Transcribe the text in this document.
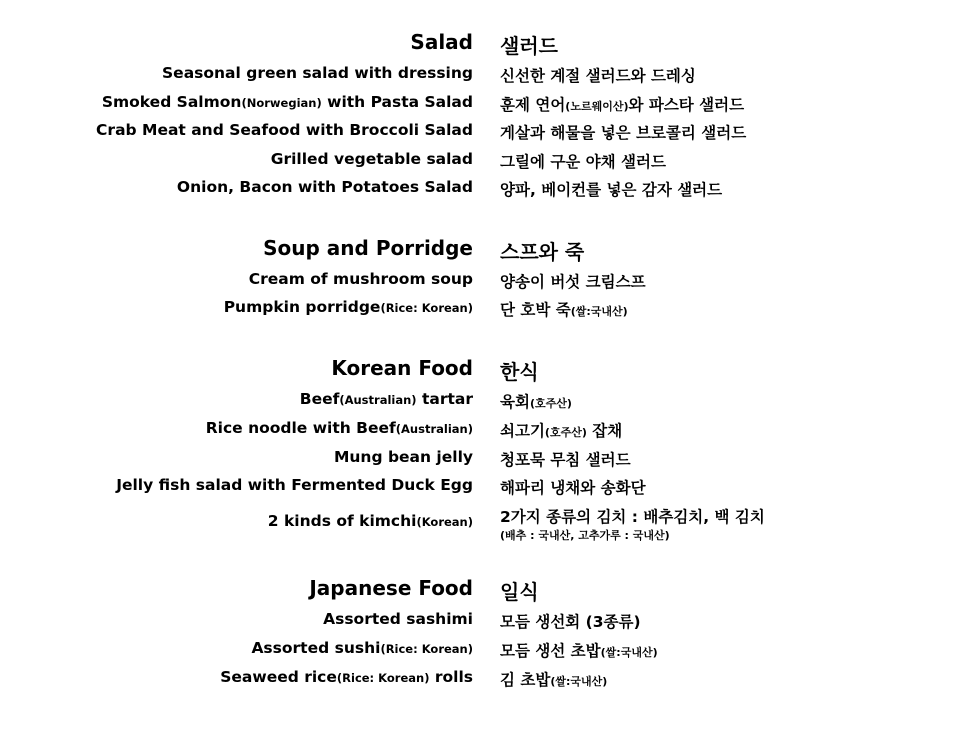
Salad 샐러드
Seasonal green salad with dressing 신선한 계절 샐러드와 드레싱
Smoked Salmon(Norwegian) with Pasta Salad 훈제 연어(노르웨이산)와 파스타 샐러드
Crab Meat and Seafood with Broccoli Salad 게살과 해물을 넣은 브로콜리 샐러드
Grilled vegetable salad 그릴에 구운 야채 샐러드
Onion, Bacon with Potatoes Salad 양파, 베이컨를 넣은 감자 샐러드
Soup and Porridge 스프와 죽
Cream of mushroom soup 양송이 버섯 크림스프
Pumpkin porridge(Rice: Korean) 단 호박 죽(쌀:국내산)
Korean Food 한식
Beef(Australian) tartar 육회(호주산)
Rice noodle with Beef(Australian) 쇠고기(호주산) 잡채
Mung bean jelly 청포묵 무침 샐러드
Jelly fish salad with Fermented Duck Egg 해파리 냉채와 송화단
2 kinds of kimchi(Korean) 2가지 종류의 김치 : 배추김치, 백 김치
(배추 : 국내산, 고추가루 : 국내산)
Japanese Food 일식
Assorted sashimi 모듬 생선회 (3종류)
Assorted sushi(Rice: Korean) 모듬 생선 초밥(쌀:국내산)
Seaweed rice(Rice: Korean) rolls 김 초밥(쌀:국내산)
